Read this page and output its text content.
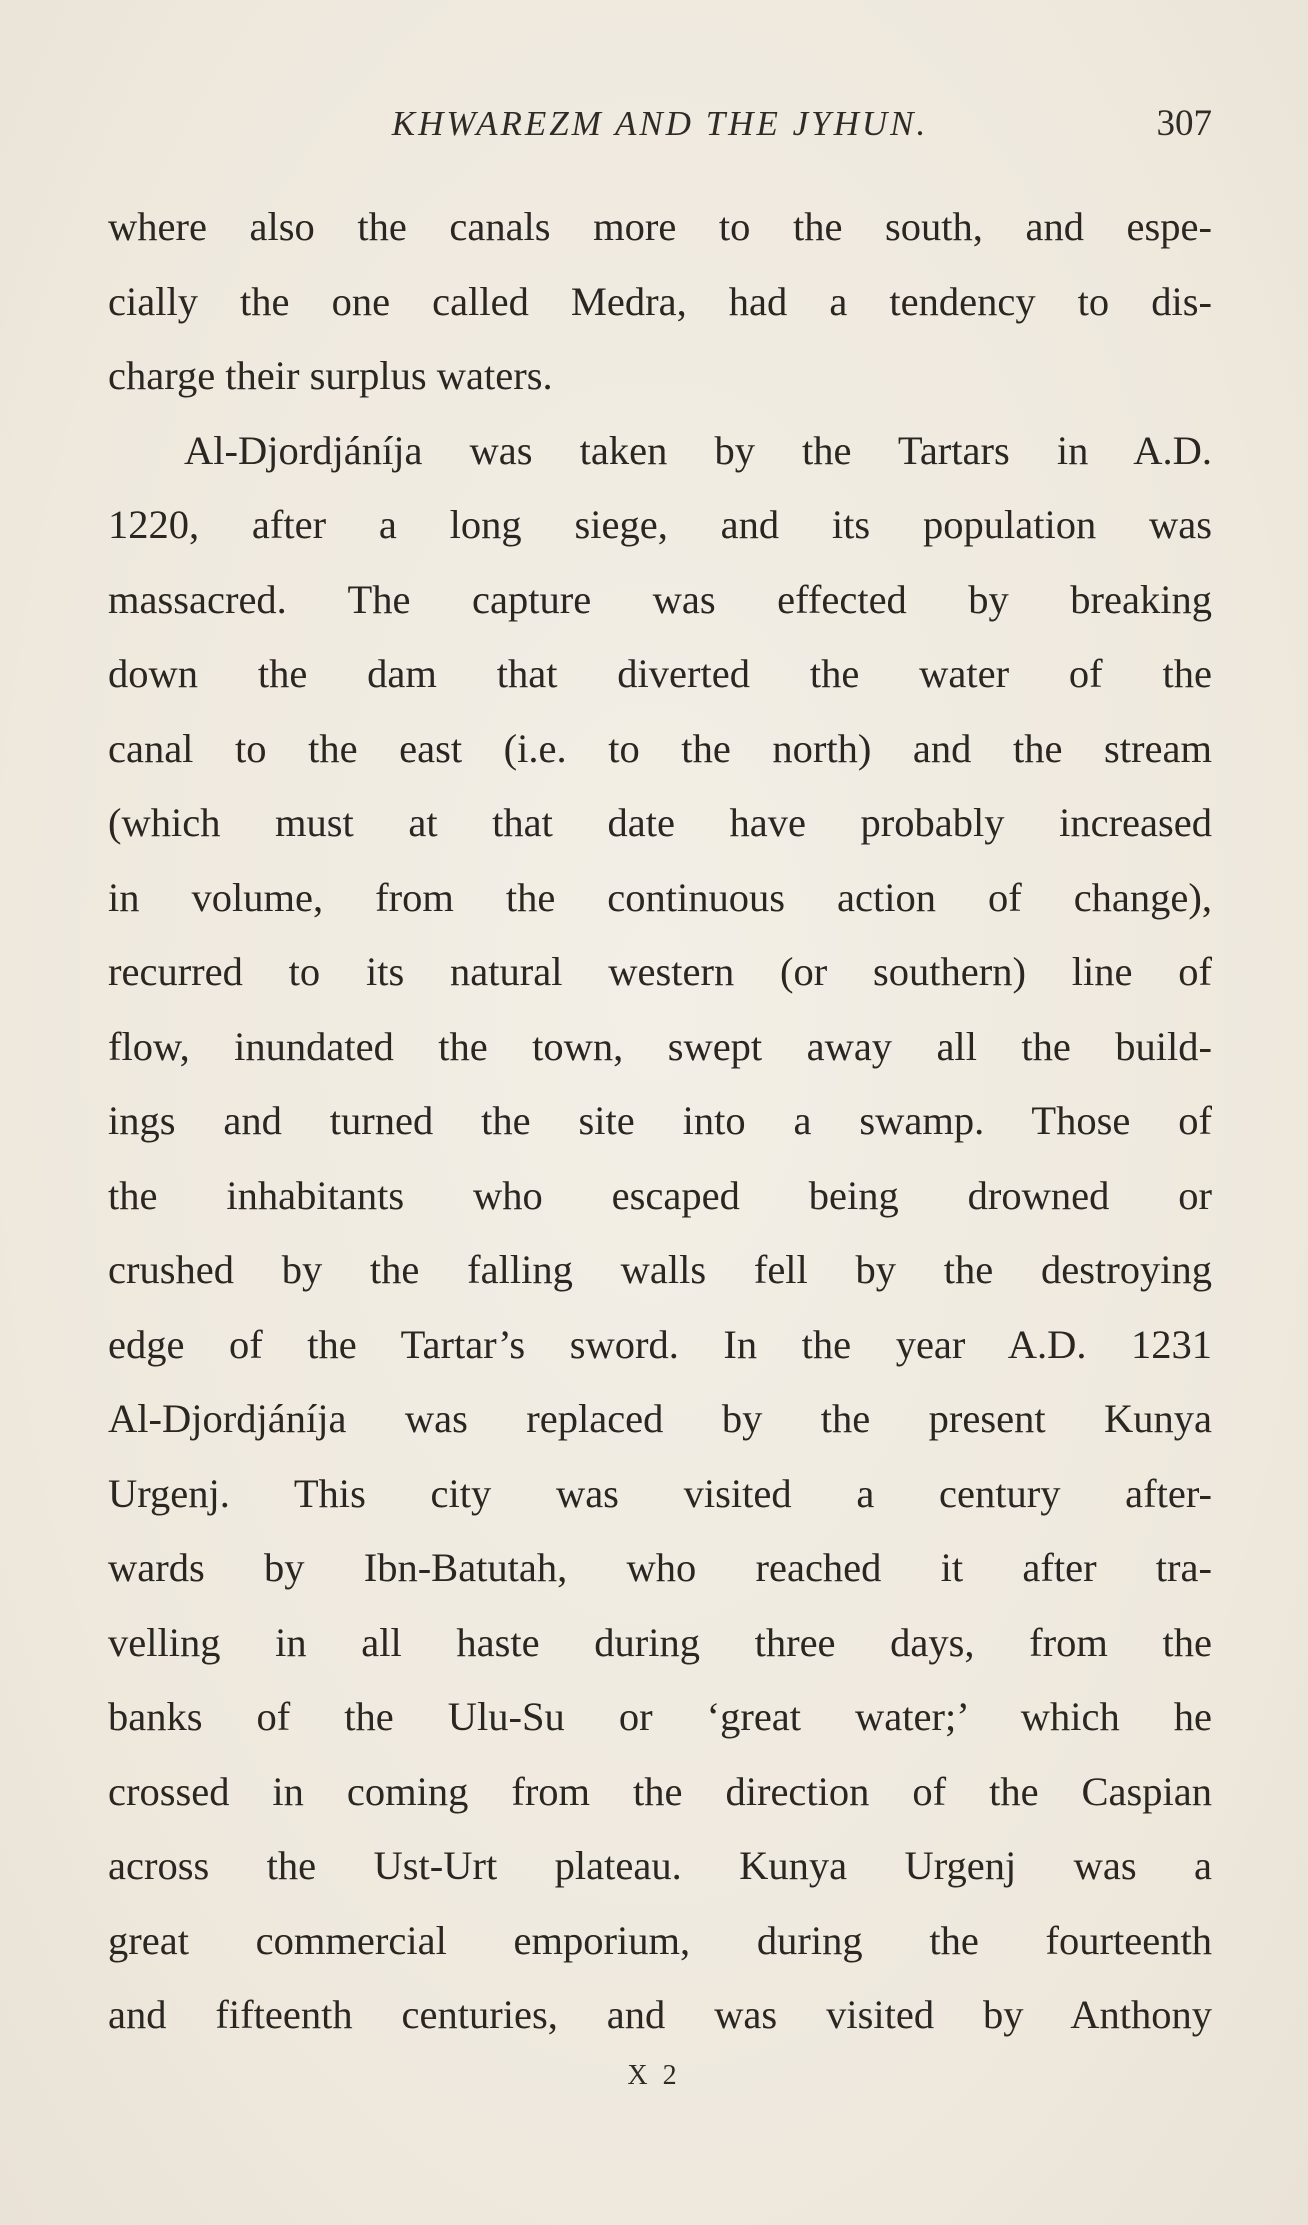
KHWAREZM AND THE JYHUN.	307
where also the canals more to the south, and espe-
cially the one called Medra, had a tendency to dis-
charge their surplus waters.
Al-Djordjáníja was taken by the Tartars in A.D.
1220, after a long siege, and its population was
massacred. The capture was effected by breaking
down the dam that diverted the water of the
canal to the east (i.e. to the north) and the stream
(which must at that date have probably increased
in volume, from the continuous action of change),
recurred to its natural western (or southern) line of
flow, inundated the town, swept away all the build-
ings and turned the site into a swamp. Those of
the inhabitants who escaped being drowned or
crushed by the falling walls fell by the destroying
edge of the Tartar’s sword. In the year A.D. 1231
Al-Djordjáníja was replaced by the present Kunya
Urgenj. This city was visited a century after-
wards by Ibn-Batutah, who reached it after tra-
velling in all haste during three days, from the
banks of the Ulu-Su or ‘great water;’ which he
crossed in coming from the direction of the Caspian
across the Ust-Urt plateau. Kunya Urgenj was a
great commercial emporium, during the fourteenth
and fifteenth centuries, and was visited by Anthony
X 2
